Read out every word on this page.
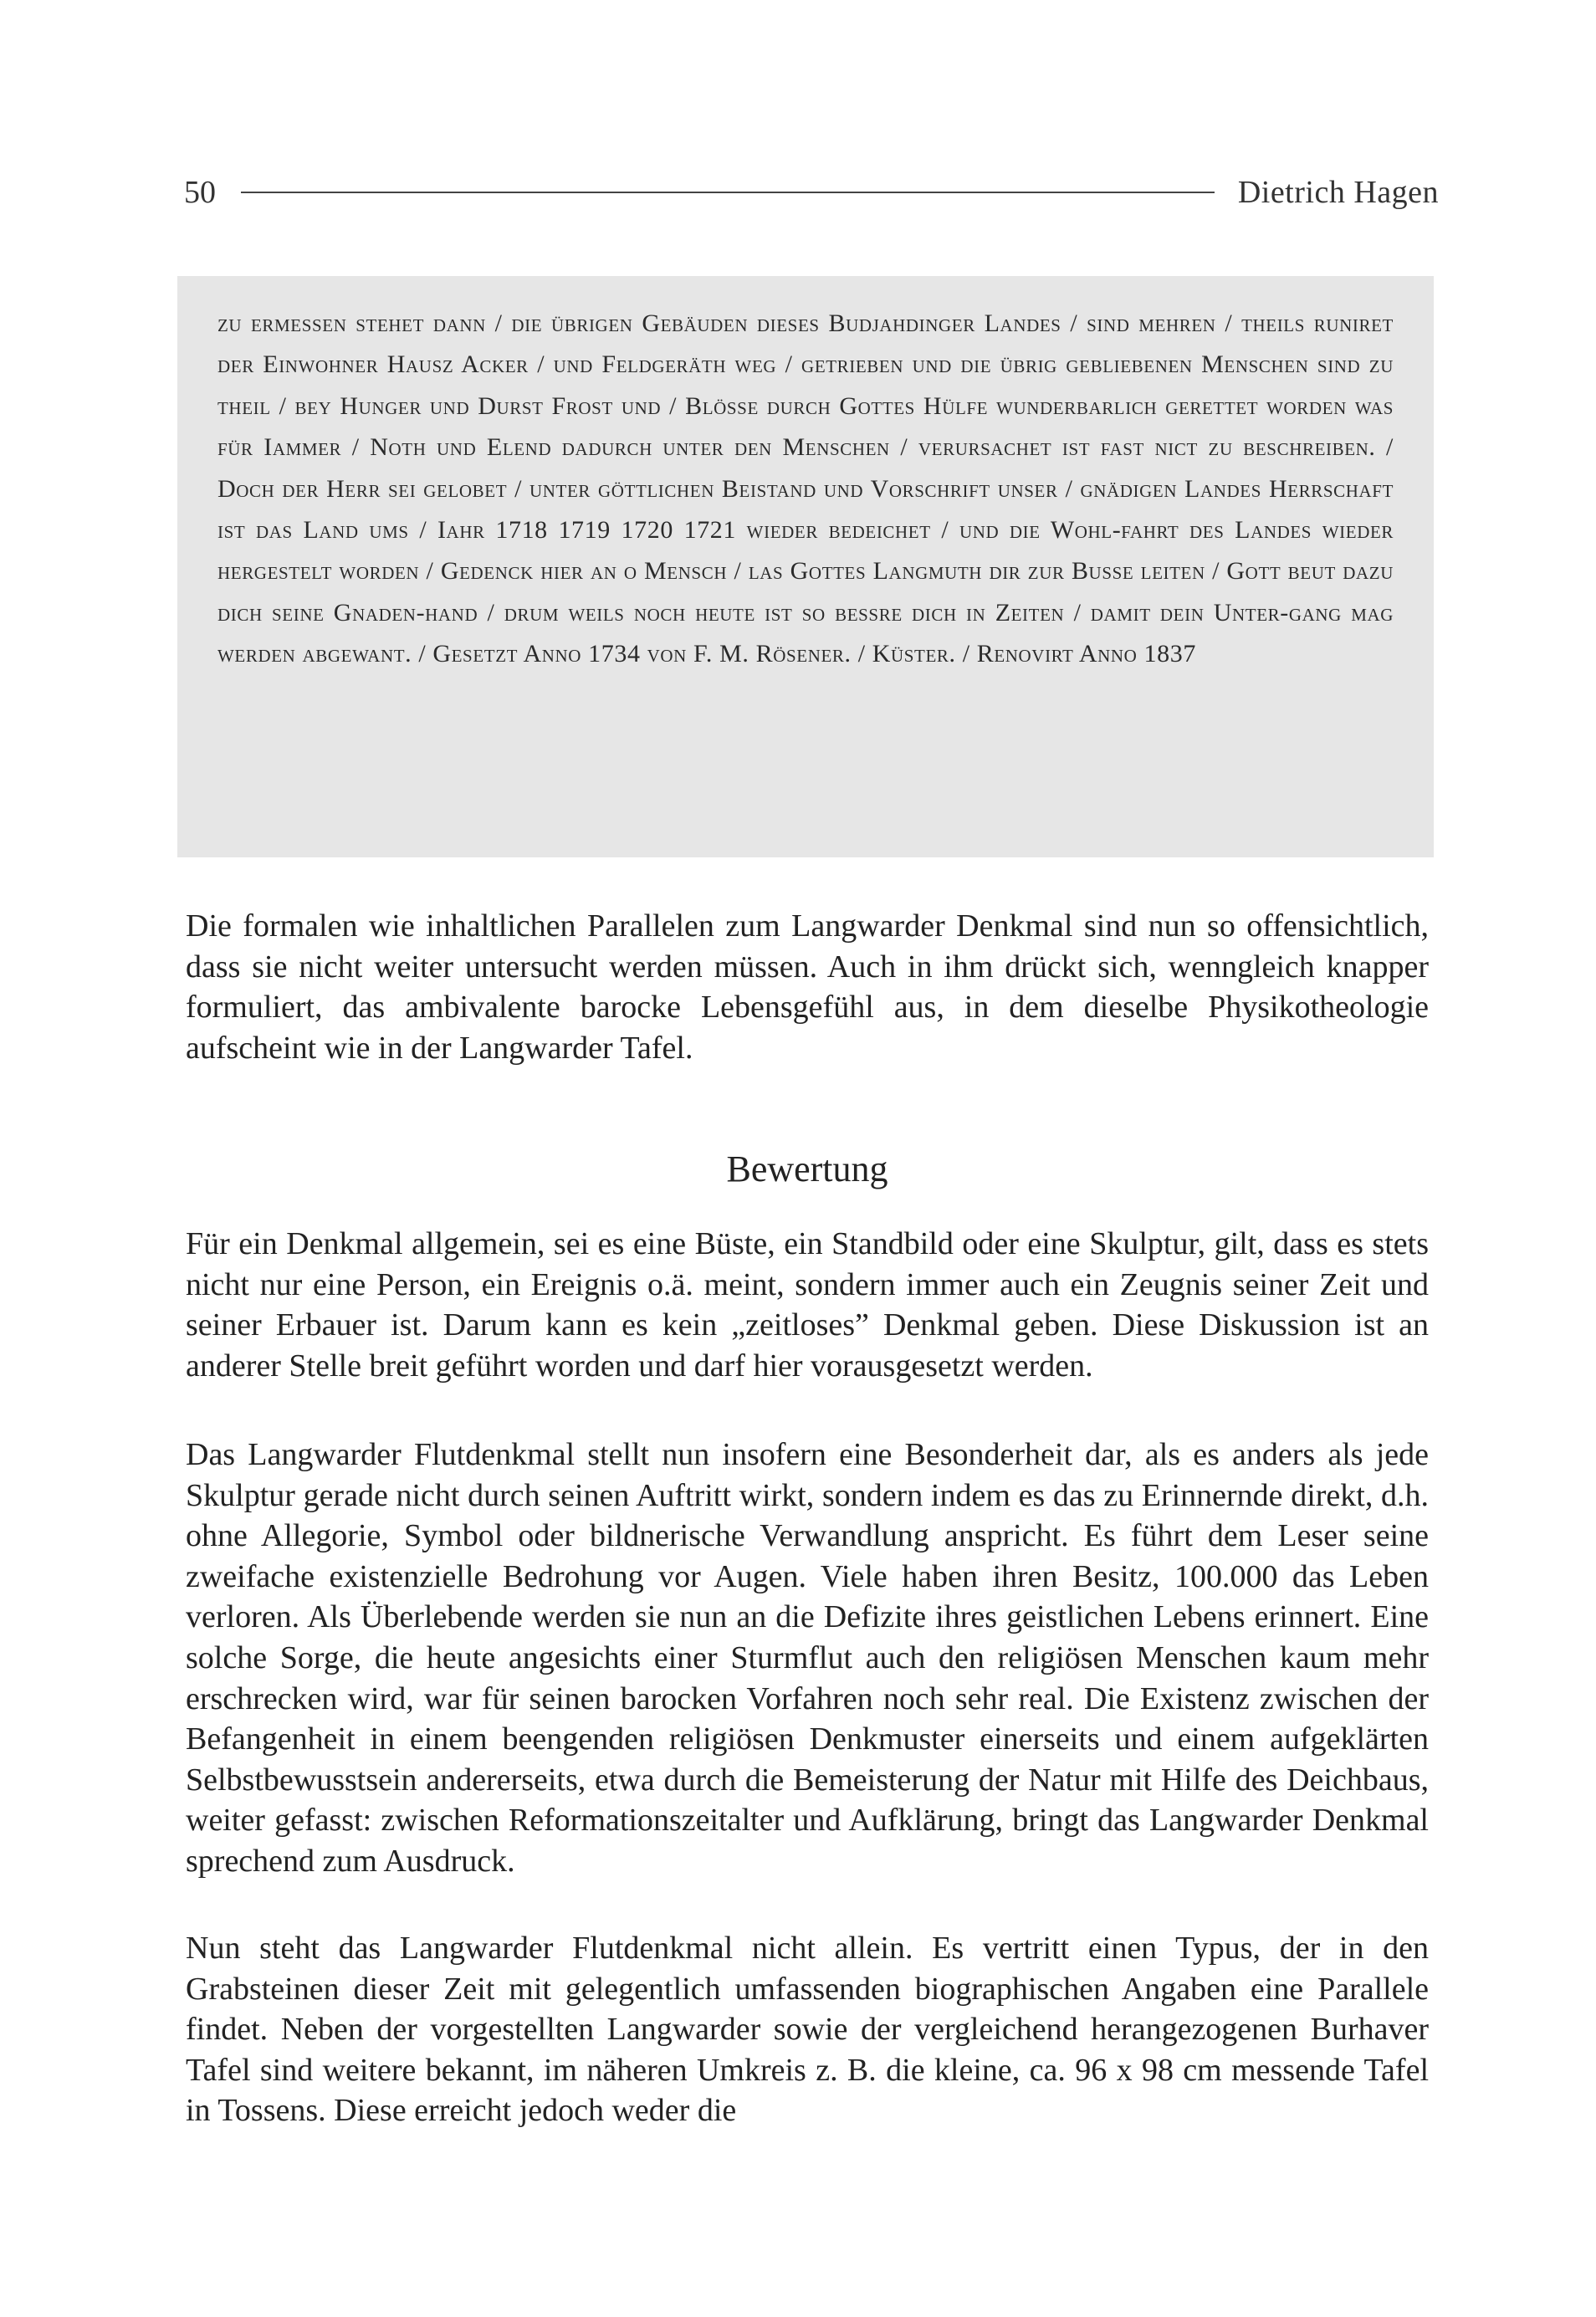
50	Dietrich Hagen

zu ermessen stehet dann / die übrigen Gebäuden dieses Budjahdinger Landes / sind mehren / theils runiret der Einwohner Hausz Acker / und Feldgeräth weg / getrieben und die übrig gebliebenen Menschen sind zu theil / bey Hunger und Durst Frost und / Blösse durch Gottes Hülfe wunderbarlich gerettet worden was für Iammer / Noth und Elend dadurch unter den Menschen / verursachet ist fast nict zu beschreiben. / Doch der Herr sei gelobet / unter göttlichen Beistand und Vorschrift unser / gnädigen Landes Herrschaft ist das Land ums / Iahr 1718 1719 1720 1721 wieder bedeichet / und die Wohl-fahrt des Landes wieder hergestelt worden / Gedenck hier an o Mensch / las Gottes Langmuth dir zur Busse leiten / Gott beut dazu dich seine Gnaden-hand / drum weils noch heute ist so bessre dich in Zeiten / damit dein Unter-gang mag werden abgewant. / Gesetzt Anno 1734 von F. M. Rösener. / Küster. / Renovirt Anno 1837

Die formalen wie inhaltlichen Parallelen zum Langwarder Denkmal sind nun so offensichtlich, dass sie nicht weiter untersucht werden müssen. Auch in ihm drückt sich, wenngleich knapper formuliert, das ambivalente barocke Lebensgefühl aus, in dem dieselbe Physikotheologie aufscheint wie in der Langwarder Tafel.

Bewertung

Für ein Denkmal allgemein, sei es eine Büste, ein Standbild oder eine Skulptur, gilt, dass es stets nicht nur eine Person, ein Ereignis o.ä. meint, sondern immer auch ein Zeugnis seiner Zeit und seiner Erbauer ist. Darum kann es kein „zeitloses” Denkmal geben. Diese Diskussion ist an anderer Stelle breit geführt worden und darf hier vorausgesetzt werden.

Das Langwarder Flutdenkmal stellt nun insofern eine Besonderheit dar, als es anders als jede Skulptur gerade nicht durch seinen Auftritt wirkt, sondern indem es das zu Erinnernde direkt, d.h. ohne Allegorie, Symbol oder bildnerische Verwandlung anspricht. Es führt dem Leser seine zweifache existenzielle Bedrohung vor Augen. Viele haben ihren Besitz, 100.000 das Leben verloren. Als Überlebende werden sie nun an die Defizite ihres geistlichen Lebens erinnert. Eine solche Sorge, die heute angesichts einer Sturmflut auch den religiösen Menschen kaum mehr erschrecken wird, war für seinen barocken Vorfahren noch sehr real. Die Existenz zwischen der Befangenheit in einem beengenden religiösen Denkmuster einerseits und einem aufgeklärten Selbstbewusstsein andererseits, etwa durch die Bemeisterung der Natur mit Hilfe des Deichbaus, weiter gefasst: zwischen Reformationszeitalter und Aufklärung, bringt das Langwarder Denkmal sprechend zum Ausdruck.

Nun steht das Langwarder Flutdenkmal nicht allein. Es vertritt einen Typus, der in den Grabsteinen dieser Zeit mit gelegentlich umfassenden biographischen Angaben eine Parallele findet. Neben der vorgestellten Langwarder sowie der vergleichend herangezogenen Burhaver Tafel sind weitere bekannt, im näheren Umkreis z. B. die kleine, ca. 96 x 98 cm messende Tafel in Tossens. Diese erreicht jedoch weder die
